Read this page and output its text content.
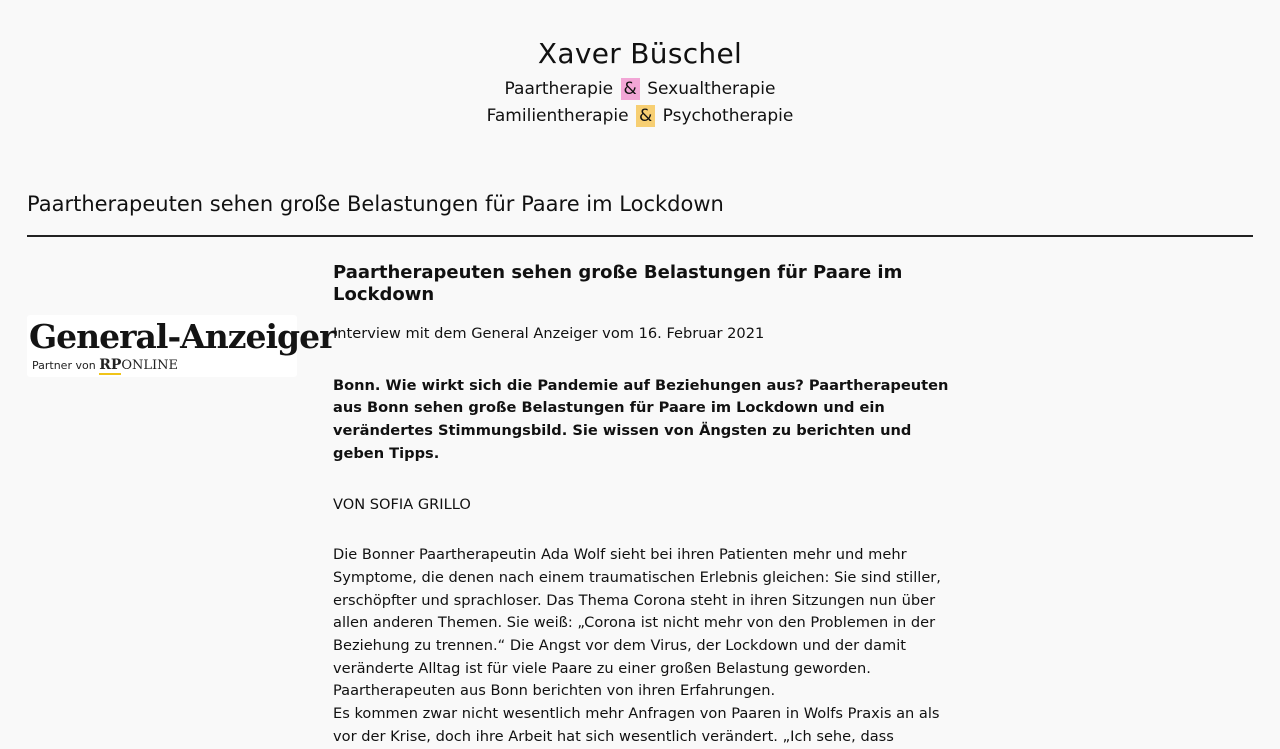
Xaver Büschel
Paartherapie & Sexualtherapie
Familientherapie & Psychotherapie
Paartherapeuten sehen große Belastungen für Paare im Lockdown
General-Anzeiger
Partner von RPONLINE
Paartherapeuten sehen große Belastungen für Paare im Lockdown

Interview mit dem General Anzeiger vom 16. Februar 2021

Bonn. Wie wirkt sich die Pandemie auf Beziehungen aus? Paartherapeuten aus Bonn sehen große Belastungen für Paare im Lockdown und ein verändertes Stimmungsbild. Sie wissen von Ängsten zu berichten und geben Tipps.

VON SOFIA GRILLO

Die Bonner Paartherapeutin Ada Wolf sieht bei ihren Patienten mehr und mehr Symptome, die denen nach einem traumatischen Erlebnis gleichen: Sie sind stiller, erschöpfter und sprachloser. Das Thema Corona steht in ihren Sitzungen nun über allen anderen Themen. Sie weiß: „Corona ist nicht mehr von den Problemen in der Beziehung zu trennen.“ Die Angst vor dem Virus, der Lockdown und der damit veränderte Alltag ist für viele Paare zu einer großen Belastung geworden. Paartherapeuten aus Bonn berichten von ihren Erfahrungen.

Es kommen zwar nicht wesentlich mehr Anfragen von Paaren in Wolfs Praxis an als vor der Krise, doch ihre Arbeit hat sich wesentlich verändert. „Ich sehe, dass
